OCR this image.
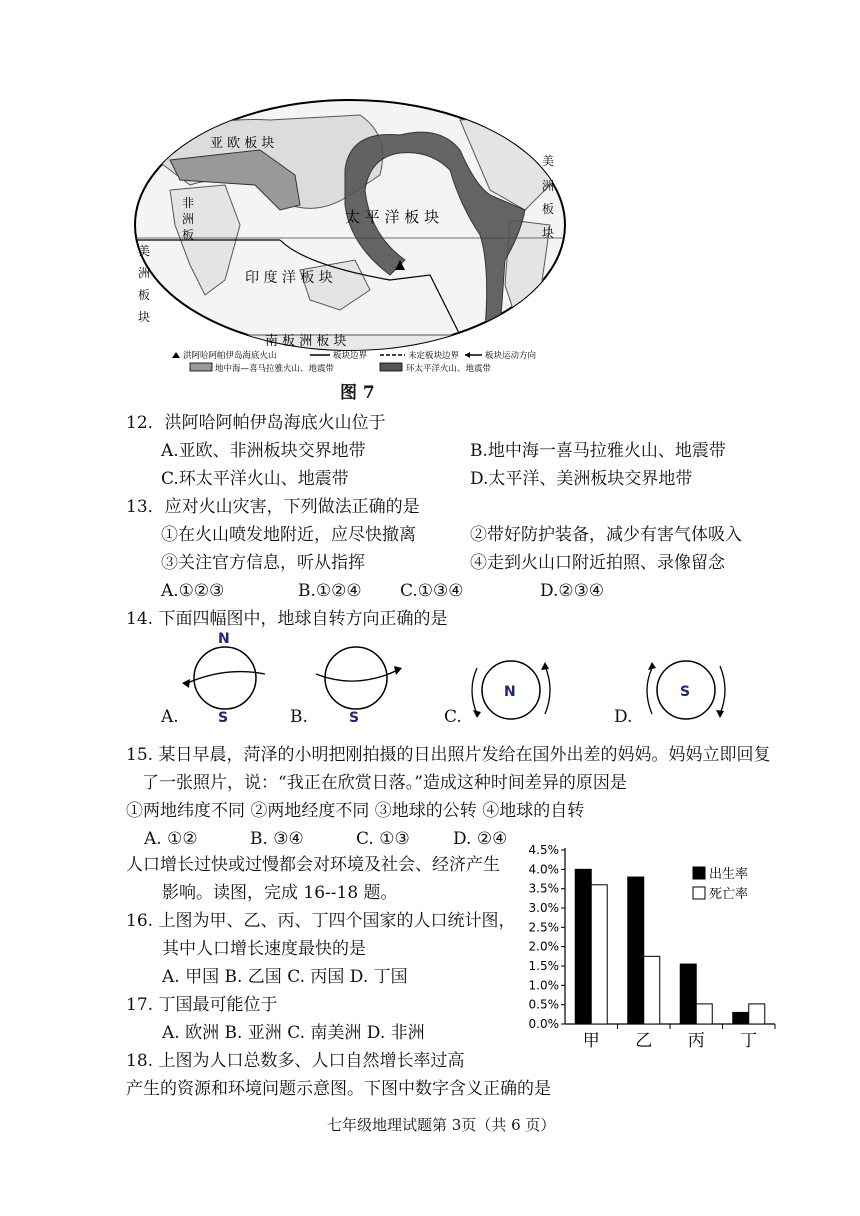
亚 欧 板 块
太 平 洋 板 块
印 度 洋 板 块
南 板 洲 板 块
非
洲
板
美
洲
板
块
美
洲
板
块
洪阿哈阿帕伊岛海底火山	板块边界	未定板块边界	板块运动方向
地中海—喜马拉雅火山、地震带	环太平洋火山、地震带
图 7
12．洪阿哈阿帕伊岛海底火山位于
A.亚欧、非洲板块交界地带	B.地中海一喜马拉雅火山、地震带
C.环太平洋火山、地震带	D.太平洋、美洲板块交界地带
13．应对火山灾害，下列做法正确的是
①在火山喷发地附近，应尽快撤离	②带好防护装备，减少有害气体吸入
③关注官方信息，听从指挥	④走到火山口附近拍照、录像留念
A.①②③	B.①②④ C.①③④	D.②③④
14. 下面四幅图中，地球自转方向正确的是
N
S
A.	S
B.
N
C.
S
D.
15. 某日早晨，菏泽的小明把刚拍摄的日出照片发给在国外出差的妈妈。妈妈立即回复
了一张照片，说：“我正在欣赏日落。”造成这种时间差异的原因是
①两地纬度不同 ②两地经度不同 ③地球的公转 ④地球的自转
A. ①②	B. ③④	C. ①③	D. ②④
人口增长过快或过慢都会对环境及社会、经济产生
影响。读图，完成 16--18 题。
16. 上图为甲、乙、丙、丁四个国家的人口统计图，
其中人口增长速度最快的是
A. 甲国 B. 乙国 C. 丙国 D. 丁国
17. 丁国最可能位于
A. 欧洲 B. 亚洲 C. 南美洲 D. 非洲
18. 上图为人口总数多、人口自然增长率过高
产生的资源和环境问题示意图。下图中数字含义正确的是
0.0%
0.5%
1.0%
1.5%
2.0%
2.5%
3.0%
3.5%
4.0%
4.5%
甲 乙 丙 丁
出生率
死亡率
七年级地理试题第 3页（共 6 页）
